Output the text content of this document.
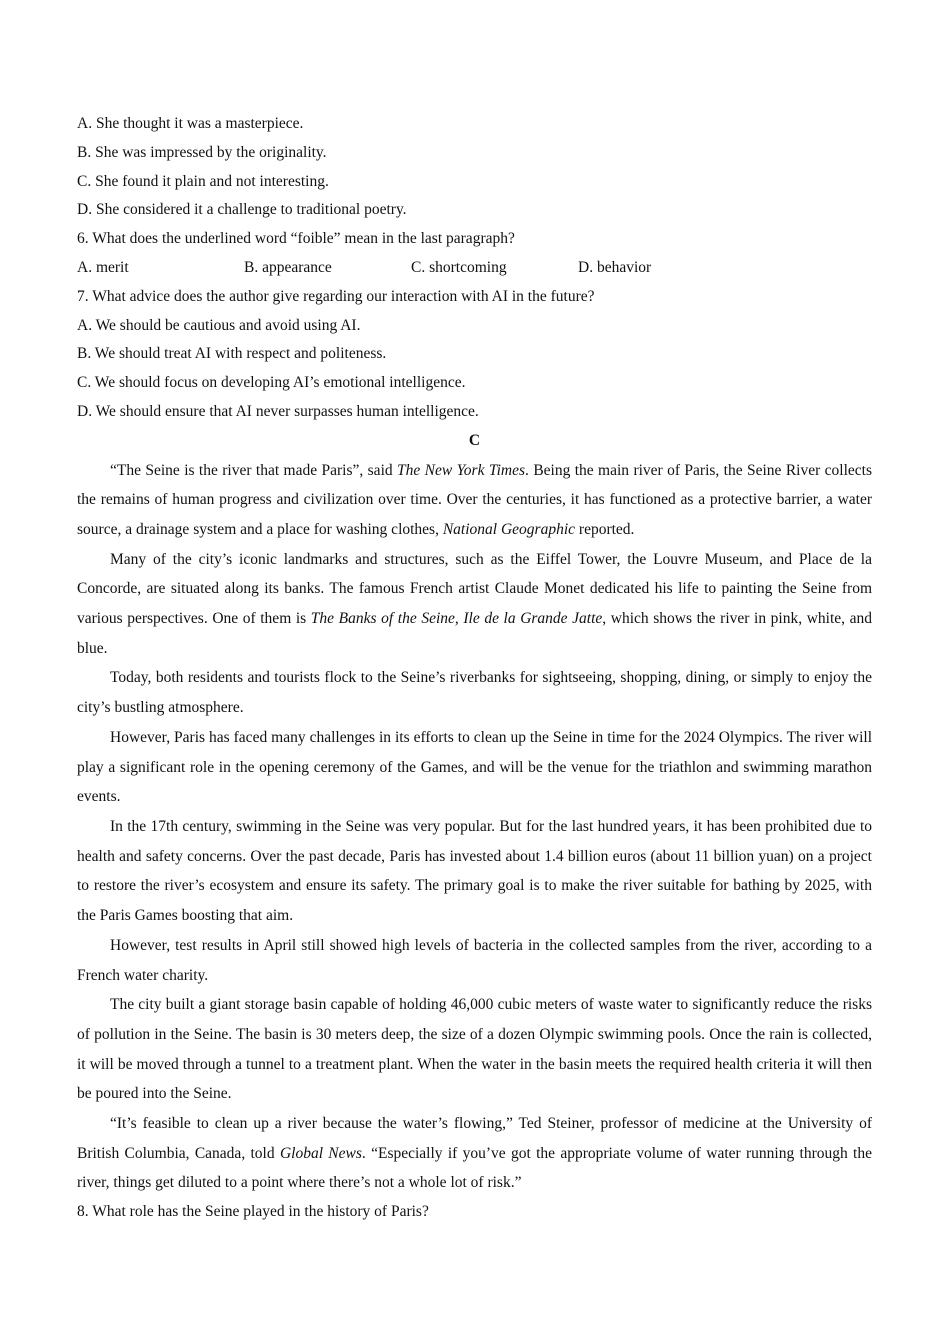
A. She thought it was a masterpiece.
B. She was impressed by the originality.
C. She found it plain and not interesting.
D. She considered it a challenge to traditional poetry.
6. What does the underlined word “foible” mean in the last paragraph?
A. merit	B. appearance	C. shortcoming	D. behavior
7. What advice does the author give regarding our interaction with AI in the future?
A. We should be cautious and avoid using AI.
B. We should treat AI with respect and politeness.
C. We should focus on developing AI’s emotional intelligence.
D. We should ensure that AI never surpasses human intelligence.
C

“The Seine is the river that made Paris”, said The New York Times. Being the main river of Paris, the Seine River collects the remains of human progress and civilization over time. Over the centuries, it has functioned as a protective barrier, a water source, a drainage system and a place for washing clothes, National Geographic reported.

Many of the city’s iconic landmarks and structures, such as the Eiffel Tower, the Louvre Museum, and Place de la Concorde, are situated along its banks. The famous French artist Claude Monet dedicated his life to painting the Seine from various perspectives. One of them is The Banks of the Seine, Ile de la Grande Jatte, which shows the river in pink, white, and blue.

Today, both residents and tourists flock to the Seine’s riverbanks for sightseeing, shopping, dining, or simply to enjoy the city’s bustling atmosphere.

However, Paris has faced many challenges in its efforts to clean up the Seine in time for the 2024 Olympics. The river will play a significant role in the opening ceremony of the Games, and will be the venue for the triathlon and swimming marathon events.

In the 17th century, swimming in the Seine was very popular. But for the last hundred years, it has been prohibited due to health and safety concerns. Over the past decade, Paris has invested about 1.4 billion euros (about 11 billion yuan) on a project to restore the river’s ecosystem and ensure its safety. The primary goal is to make the river suitable for bathing by 2025, with the Paris Games boosting that aim.

However, test results in April still showed high levels of bacteria in the collected samples from the river, according to a French water charity.

The city built a giant storage basin capable of holding 46,000 cubic meters of waste water to significantly reduce the risks of pollution in the Seine. The basin is 30 meters deep, the size of a dozen Olympic swimming pools. Once the rain is collected, it will be moved through a tunnel to a treatment plant. When the water in the basin meets the required health criteria it will then be poured into the Seine.

“It’s feasible to clean up a river because the water’s flowing,” Ted Steiner, professor of medicine at the University of British Columbia, Canada, told Global News. “Especially if you’ve got the appropriate volume of water running through the river, things get diluted to a point where there’s not a whole lot of risk.”

8. What role has the Seine played in the history of Paris?
